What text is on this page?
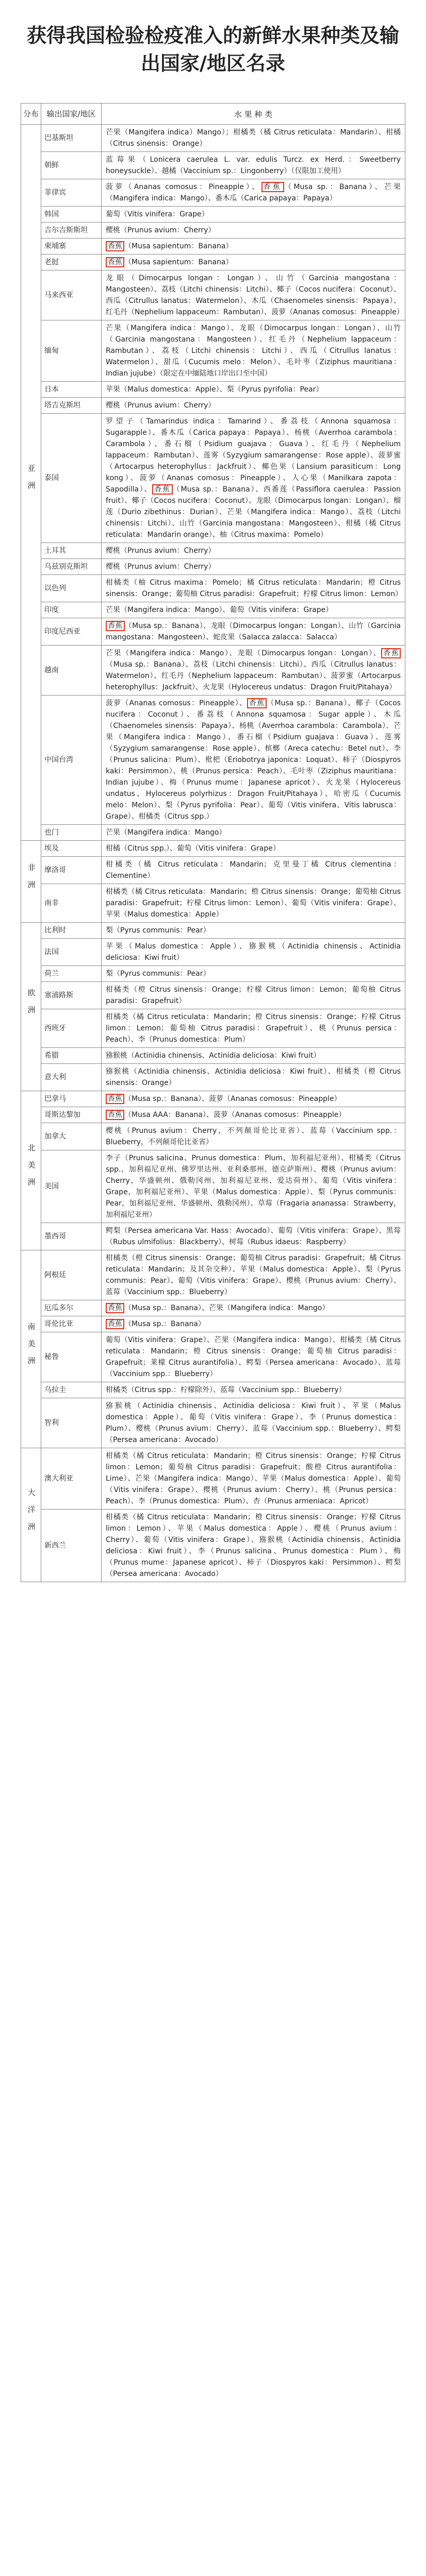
获得我国检验检疫准入的新鲜水果种类及输出国家/地区名录
分布	输出国家/地区	水 果 种 类
亚洲	巴基斯坦	芒果（Mangifera indica）Mango）；柑橘类（橘 Citrus reticulata：Mandarin）、柑橘（Citrus sinensis：Orange）
	朝鲜	蓝莓果（Lonicera caerulea L. var. edulis Turcz. ex Herd.：Sweetberry honeysuckle）、越橘（Vaccinium sp.：Lingonberry）（仅限加工使用）
	菲律宾	菠萝（Ananas comosus：Pineapple）、 香蕉 （Musa sp.：Banana）、芒果（Mangifera indica：Mango）、番木瓜（Carica papaya：Papaya）
	韩国	葡萄（Vitis vinifera：Grape）
	吉尔吉斯斯坦	樱桃（Prunus avium：Cherry）
	柬埔寨	香蕉 （Musa sapientum：Banana）
	老挝	香蕉 （Musa sapientum：Banana）
	马来西亚	龙眼（Dimocarpus longan：Longan）、山竹（Garcinia mangostana：Mangosteen）、荔枝（Litchi chinensis：Litchi）、椰子（Cocos nucifera：Coconut）、西瓜（Citrullus lanatus：Watermelon）、木瓜（Chaenomeles sinensis：Papaya）、红毛丹（Nephelium lappaceum：Rambutan）、菠萝（Ananas comosus：Pineapple）
	缅甸	芒果（Mangifera indica：Mango）、龙眼（Dimocarpus longan：Longan）、山竹（Garcinia mangostana：Mangosteen）、红毛丹（Nephelium lappaceum：Rambutan）、荔枝（Litchi chinensis：Litchi）、西瓜（Citrullus lanatus：Watermelon）、甜瓜（Cucumis melo：Melon）、毛叶枣（Ziziphus mauritiana：Indian jujube）（限定在中缅陆地口岸出口至中国）
	日本	苹果（Malus domestica：Apple）、梨（Pyrus pyrifolia：Pear）
	塔吉克斯坦	樱桃（Prunus avium：Cherry）
	泰国	罗望子（Tamarindus indica：Tamarind）、番荔枝（Annona squamosa：Sugarapple）、番木瓜（Carica papaya：Papaya）、杨桃（Averrhoa carambola：Carambola）、番石榴（Psidium guajava：Guava）、红毛丹（Nephelium lappaceum：Rambutan）、莲雾（Syzygium samarangense：Rose apple）、菠萝蜜（Artocarpus heterophyllus：Jackfruit）、椰色果（Lansium parasiticum：Long kong）、菠萝（Ananas comosus：Pineapple）、人心果（Manilkara zapota：Sapodilla）、 香蕉 （Musa sp.：Banana）、西番莲（Passiflora caerulea：Passion fruit）、椰子（Cocos nucifera：Coconut）、龙眼（Dimocarpus longan：Longan）、榴莲（Durio zibethinus：Durian）、芒果（Mangifera indica：Mango）、荔枝（Litchi chinensis：Litchi）、山竹（Garcinia mangostana：Mangosteen）、柑橘（橘 Citrus reticulata：Mandarin orange）、柚（Citrus maxima：Pomelo）
	土耳其	樱桃（Prunus avium：Cherry）
	乌兹别克斯坦	樱桃（Prunus avium：Cherry）
	以色列	柑橘类（柚 Citrus maxima：Pomelo；橘 Citrus reticulata：Mandarin；橙 Citrus sinensis：Orange；葡萄柚 Citrus paradisi：Grapefruit；柠檬 Citrus limon：Lemon）
	印度	芒果（Mangifera indica：Mango）、葡萄（Vitis vinifera：Grape）
	印度尼西亚	香蕉 （Musa sp.：Banana）、龙眼（Dimocarpus longan：Longan）、山竹（Garcinia mangostana：Mangosteen）、蛇皮果（Salacca zalacca：Salacca）
	越南	芒果（Mangifera indica：Mango）、龙眼（Dimocarpus longan：Longan）、 香蕉（Musa sp.：Banana）、荔枝（Litchi chinensis：Litchi）、西瓜（Citrullus lanatus：Watermelon）、红毛丹（Nephelium lappaceum：Rambutan）、菠萝蜜（Artocarpus heterophyllus：Jackfruit）、火龙果（Hylocereus undatus：Dragon Fruit/Pitahaya）
	中国台湾	菠萝（Ananas comosus：Pineapple）、 香蕉 （Musa sp.：Banana）、椰子（Cocos nucifera：Coconut）、番荔枝（Annona squamosa：Sugar apple）、木瓜（Chaenomeles sinensis：Papaya）、杨桃（Averrhoa carambola：Carambola）、芒果（Mangifera indica：Mango）、番石榴（Psidium guajava：Guava）、莲雾（Syzygium samarangense：Rose apple）、槟榔（Areca catechu：Betel nut）、李（Prunus salicina：Plum）、枇杷（Eriobotrya japonica：Loquat）、柿子（Diospyros kaki：Persimmon）、桃（Prunus persica：Peach）、毛叶枣（Ziziphus mauritiana：Indian jujube）、梅（Prunus mume：Japanese apricot）、火龙果（Hylocereus undatus、Hylocereus polyrhizus：Dragon Fruit/Pitahaya）、哈密瓜（Cucumis melo：Melon）、梨（Pyrus pyrifolia：Pear）、葡萄（Vitis vinifera、Vitis labrusca：Grape）、柑橘类（Citrus spp.）
	也门	芒果（Mangifera indica：Mango）
非洲	埃及	柑橘（Citrus spp.）、葡萄（Vitis vinifera：Grape）
	摩洛哥	柑橘类（橘 Citrus reticulata：Mandarin；克里曼丁橘 Citrus clementina：Clementine）
	南非	柑橘类（橘 Citrus reticulata：Mandarin；橙 Citrus sinensis：Orange；葡萄柚 Citrus paradisi：Grapefruit；柠檬 Citrus limon：Lemon）、葡萄（Vitis vinifera：Grape）、苹果（Malus domestica：Apple）
欧洲	比利时	梨（Pyrus communis：Pear）
	法国	苹果（Malus domestica：Apple）、猕猴桃（Actinidia chinensis、Actinidia deliciosa：Kiwi fruit）
	荷兰	梨（Pyrus communis：Pear）
	塞浦路斯	柑橘类（橙 Citrus sinensis：Orange；柠檬 Citrus limon：Lemon；葡萄柚 Citrus paradisi：Grapefruit）
	西班牙	柑橘类（橘 Citrus reticulata：Mandarin；橙 Citrus sinensis：Orange；柠檬 Citrus limon：Lemon；葡萄柚 Citrus paradisi：Grapefruit）、桃（Prunus persica：Peach）、李（Prunus domestica：Plum）
	希腊	猕猴桃（Actinidia chinensis、Actinidia deliciosa：Kiwi fruit）
	意大利	猕猴桃（Actinidia chinensis、Actinidia deliciosa：Kiwi fruit）、柑橘类（橙 Citrus sinensis：Orange）
北美洲	巴拿马	香蕉 （Musa sp.：Banana）、菠萝（Ananas comosus：Pineapple）
	哥斯达黎加	香蕉 （Musa AAA：Banana）、菠萝（Ananas comosus：Pineapple）
	加拿大	樱桃（Prunus avium：Cherry，不列颠哥伦比亚省）、蓝莓（Vaccinium spp.：Blueberry，不列颠哥伦比亚省）
	美国	李子（Prunus salicina、Prunus domestica：Plum，加利福尼亚州）、柑橘类（Citrus spp.，加利福尼亚州、佛罗里达州、亚利桑那州、德克萨斯州）、樱桃（Prunus avium：Cherry，华盛顿州、俄勒冈州、加利福尼亚州、爱达荷州）、葡萄（Vitis vinifera：Grape，加利福尼亚州）、苹果（Malus domestica：Apple）、梨（Pyrus communis：Pear，加利福尼亚州、华盛顿州、俄勒冈州）、草莓（Fragaria ananassa：Strawberry，加利福尼亚州）
	墨西哥	鳄梨（Persea americana Var. Hass：Avocado）、葡萄（Vitis vinifera：Grape）、黑莓（Rubus ulmifolius：Blackberry）、树莓（Rubus idaeus：Raspberry）
南美洲	阿根廷	柑橘类（橙 Citrus sinensis：Orange；葡萄柚 Citrus paradisi：Grapefruit；橘 Citrus reticulata：Mandarin；及其杂交种）、苹果（Malus domestica：Apple）、梨（Pyrus communis：Pear）、葡萄（Vitis vinifera：Grape）、樱桃（Prunus avium：Cherry）、蓝莓（Vaccinium spp.：Blueberry）
	厄瓜多尔	香蕉 （Musa sp.：Banana）、芒果（Mangifera indica：Mango）
	哥伦比亚	香蕉 （Musa sp.：Banana）
	秘鲁	葡萄（Vitis vinifera：Grape）、芒果（Mangifera indica：Mango）、柑橘类（橘 Citrus reticulata：Mandarin；橙 Citrus sinensis：Orange；葡萄柚 Citrus paradisi：Grapefruit；莱檬 Citrus aurantifolia）、鳄梨（Persea americana：Avocado）、蓝莓（Vaccinium spp.：Blueberry）
	乌拉圭	柑橘类（Citrus spp.：柠檬除外）、蓝莓（Vaccinium spp.：Blueberry）
	智利	猕猴桃（Actinidia chinensis、Actinidia deliciosa：Kiwi fruit）、苹果（Malus domestica：Apple）、葡萄（Vitis vinifera：Grape）、李（Prunus domestica：Plum）、樱桃（Prunus avium：Cherry）、蓝莓（Vaccinium spp.：Blueberry）、鳄梨（Persea americana：Avocado）
大洋洲	澳大利亚	柑橘类（橘 Citrus reticulata：Mandarin；橙 Citrus sinensis：Orange；柠檬 Citrus limon：Lemon；葡萄柚 Citrus paradisi：Grapefruit；酸橙 Citrus aurantifolia：Lime）、芒果（Mangifera indica：Mango）、苹果（Malus domestica：Apple）、葡萄（Vitis vinifera：Grape）、樱桃（Prunus avium：Cherry）、桃（Prunus persica：Peach）、李（Prunus domestica：Plum）、杏（Prunus armeniaca：Apricot）
	新西兰	柑橘类（橘 Citrus reticulata：Mandarin；橙 Citrus sinensis：Orange；柠檬 Citrus limon：Lemon）、苹果（Malus domestica：Apple）、樱桃（Prunus avium：Cherry）、葡萄（Vitis vinifera：Grape）、猕猴桃（Actinidia chinensis、Actinidia deliciosa：Kiwi fruit）、李（Prunus salicina、Prunus domestica：Plum）、梅（Prunus mume：Japanese apricot）、柿子（Diospyros kaki：Persimmon）、鳄梨（Persea americana：Avocado）
